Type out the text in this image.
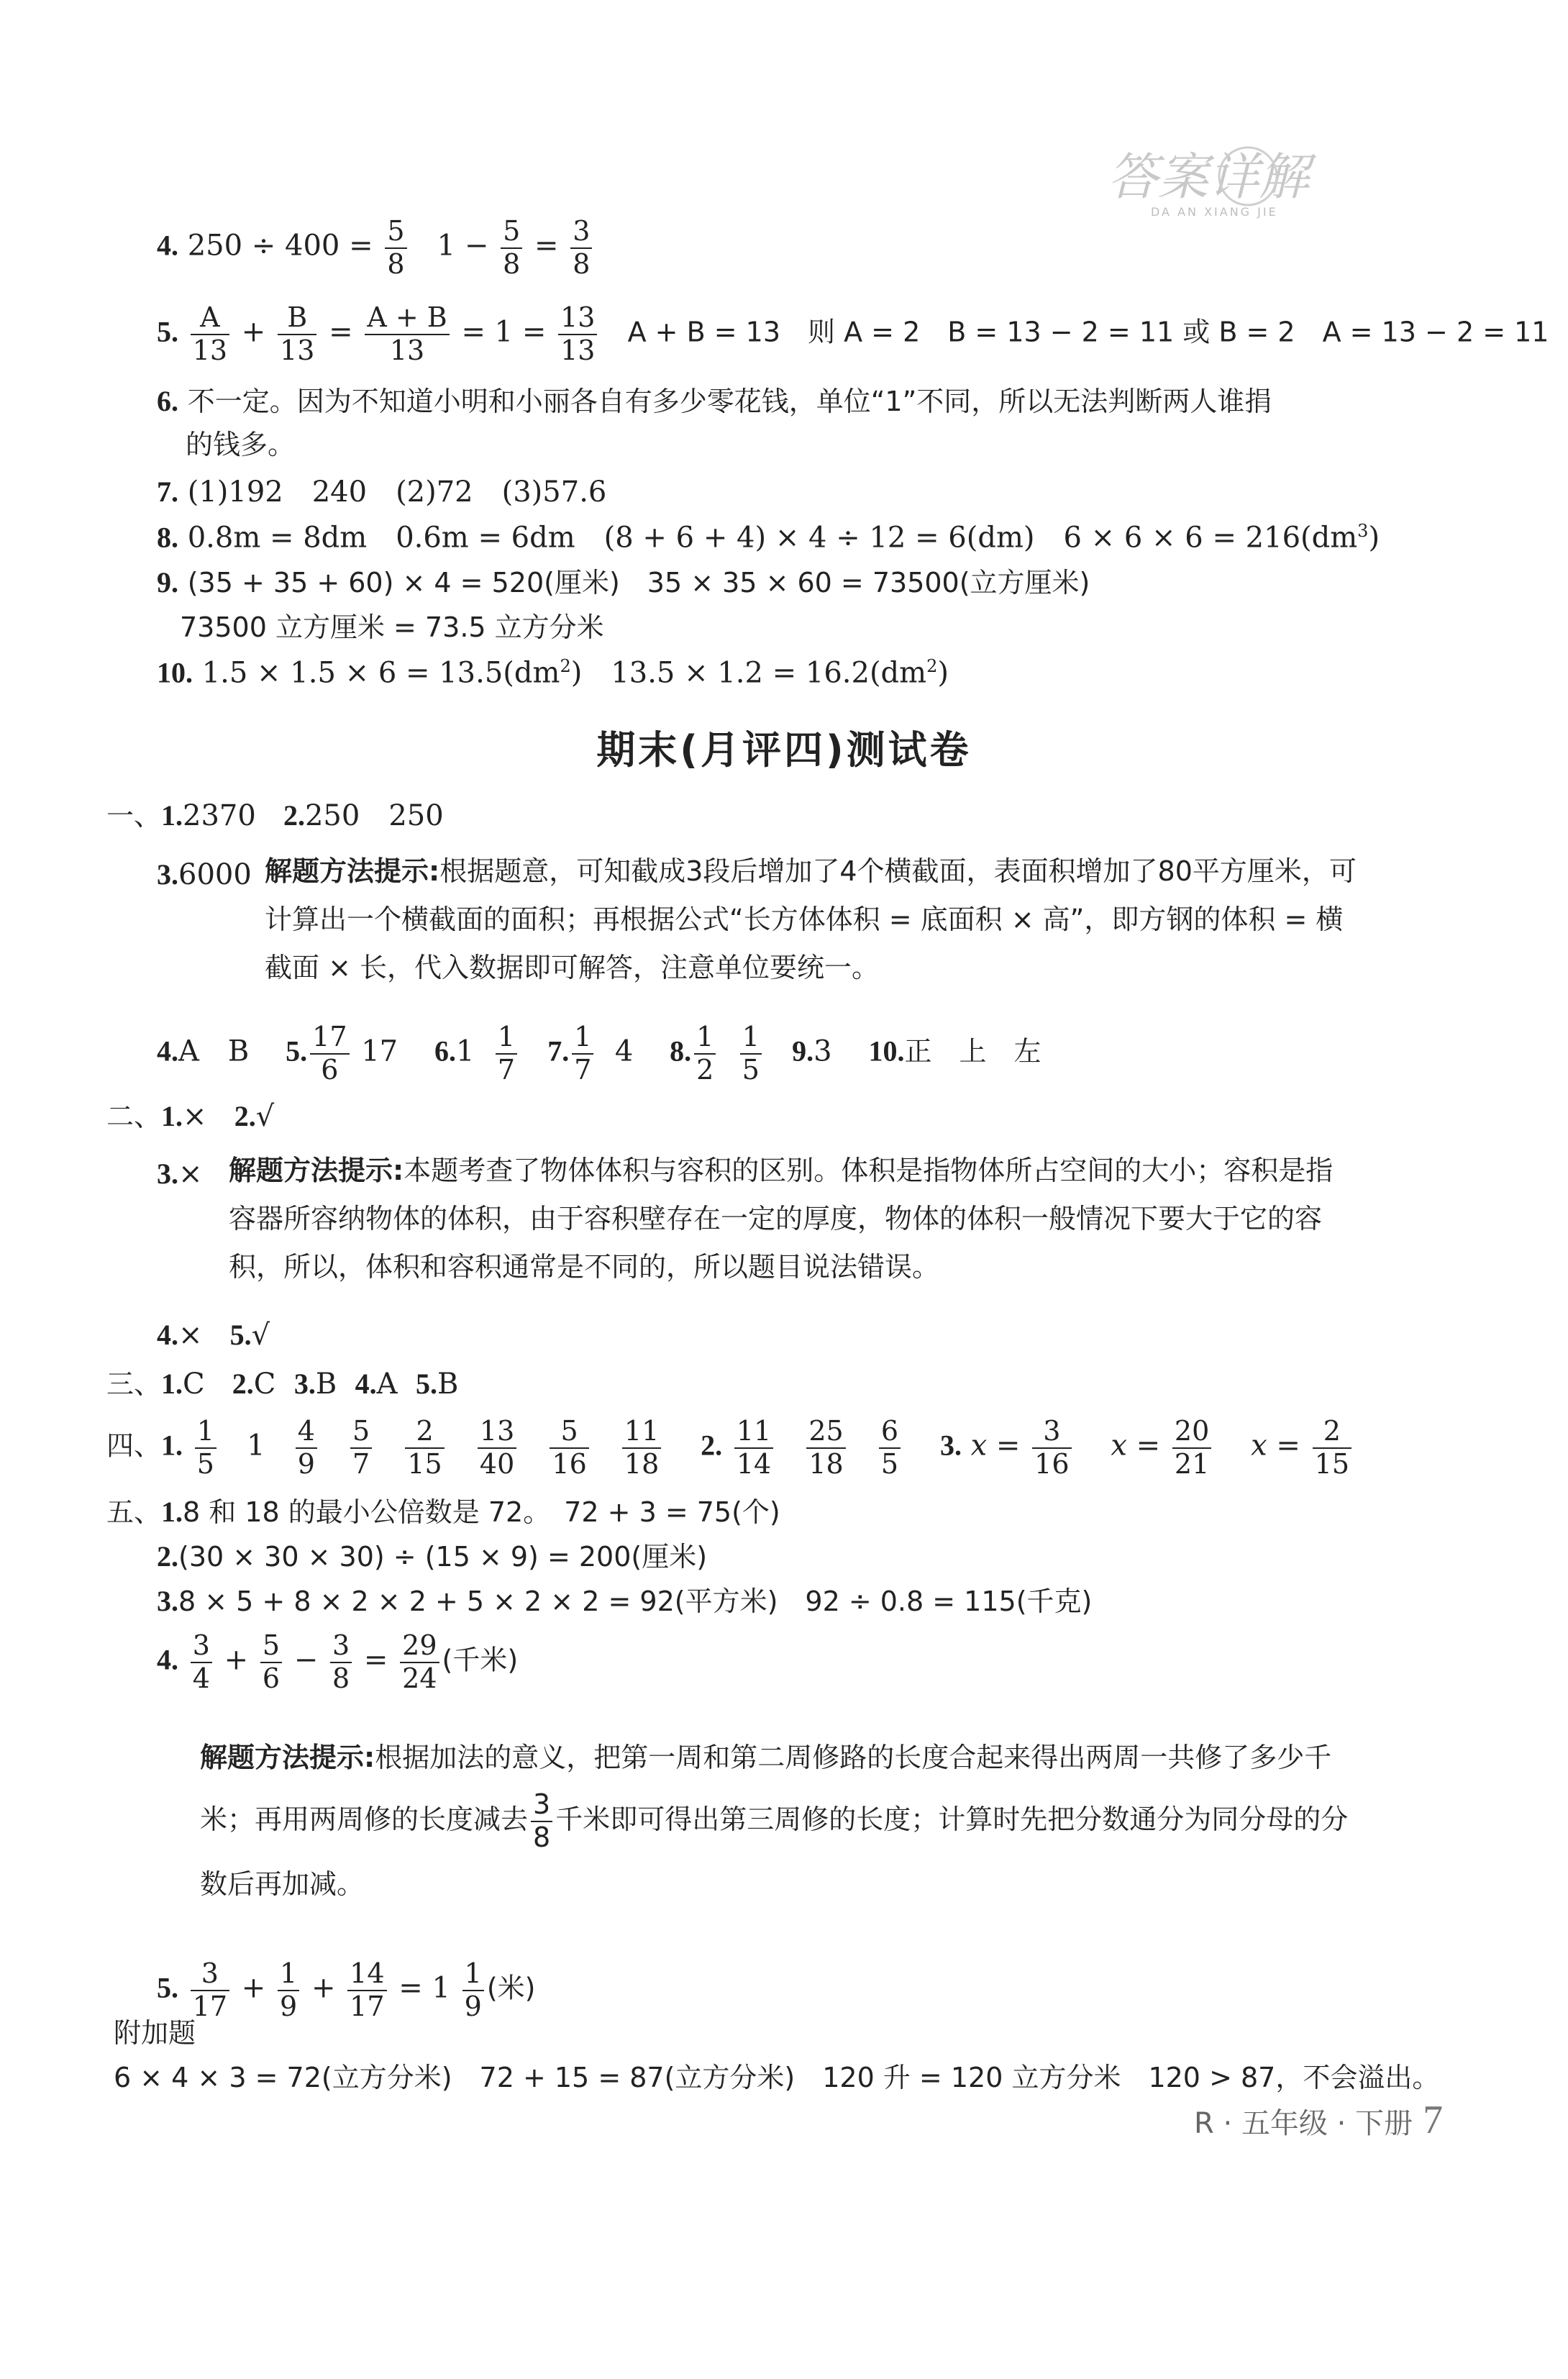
答案详解
DA AN XIANG JIE
4. $250 \div 400 = \frac{5}{8} 1 - \frac{5}{8} = \frac{3}{8}$
5. $\frac{A}{13} + \frac{B}{13} = \frac{A + B}{13} = 1 = \frac{13}{13}$ A + B = 13　则 A = 2　B = 13 − 2 = 11 或 B = 2　A = 13 − 2 = 11
6. 不一定。因为不知道小明和小丽各自有多少零花钱，单位“1”不同，所以无法判断两人谁捐
的钱多。
7. (1)192　240　(2)72　(3)57.6
8. 0.8m = 8dm　0.6m = 6dm　(8 + 6 + 4) × 4 ÷ 12 = 6(dm)　$6 \times 6 \times 6 = 216(dm^3)$
9. (35 + 35 + 60) × 4 = 520(厘米)　35 × 35 × 60 = 73500(立方厘米)
73500 立方厘米 = 73.5 立方分米
10. $1.5 \times 1.5 \times 6 = 13.5(dm^2)$　$13.5 \times 1.2 = 16.2(dm^2)$
期末(月评四)测试卷
一、1.2370 2.250　250
3.6000 解题方法提示:根据题意，可知截成3段后增加了4个横截面，表面积增加了80平方厘米，可计算出一个横截面的面积；再根据公式“长方体体积 = 底面积 × 高”，即方钢的体积 = 横截面 × 长，代入数据即可解答，注意单位要统一。
4.A　B 5. $\frac{17}{6} 17$ $6.1 \frac{1}{7} 7$. $\frac{1}{7} 4$ 8. $\frac{1}{2}$
$\frac{1}{5} 9.3$ 10.正　上　左
二、1.× 2.√
3.× 解题方法提示:本题考查了物体体积与容积的区别。体积是指物体所占空间的大小；容积是指容器所容纳物体的体积，由于容积壁存在一定的厚度，物体的体积一般情况下要大于它的容积，所以，体积和容积通常是不同的，所以题目说法错误。
4.× 5.√
三、1.C 2.C 3.B 4.A 5.B
四、1. $\frac{1}{5} 1 \frac{4}{9}$
$\frac{5}{7}$
$\frac{2}{15}$
$\frac{13}{40}$
$\frac{5}{16}$
$\frac{11}{18} 2$. $\frac{11}{14}$
$\frac{25}{18}$
$\frac{6}{5} 3$. $x = \frac{3}{16}$ $x = \frac{20}{21}$ $x = \frac{2}{15}$
五、1.8 和 18 的最小公倍数是 72。　72 + 3 = 75(个)
2.(30 × 30 × 30) ÷ (15 × 9) = 200(厘米)
3.8 × 5 + 8 × 2 × 2 + 5 × 2 × 2 = 92(平方米)　92 ÷ 0.8 = 115(千克)
4. $\frac{3}{4} + \frac{5}{6} - \frac{3}{8} = \frac{29}{24}$ (千米)
解题方法提示:根据加法的意义，把第一周和第二周修路的长度合起来得出两周一共修了多少千米；再用两周修的长度减去 $\frac{3}{8}$ 千米即可得出第三周修的长度；计算时先把分数通分为同分母的分数后再加减。
5. $\frac{3}{17} + \frac{1}{9} + \frac{14}{17} = 1 \frac{1}{9}$ (米)
附加题
6 × 4 × 3 = 72(立方分米)　72 + 15 = 87(立方分米)　120 升 = 120 立方分米　120 > 87，不会溢出。
R · 五年级 · 下册 7
